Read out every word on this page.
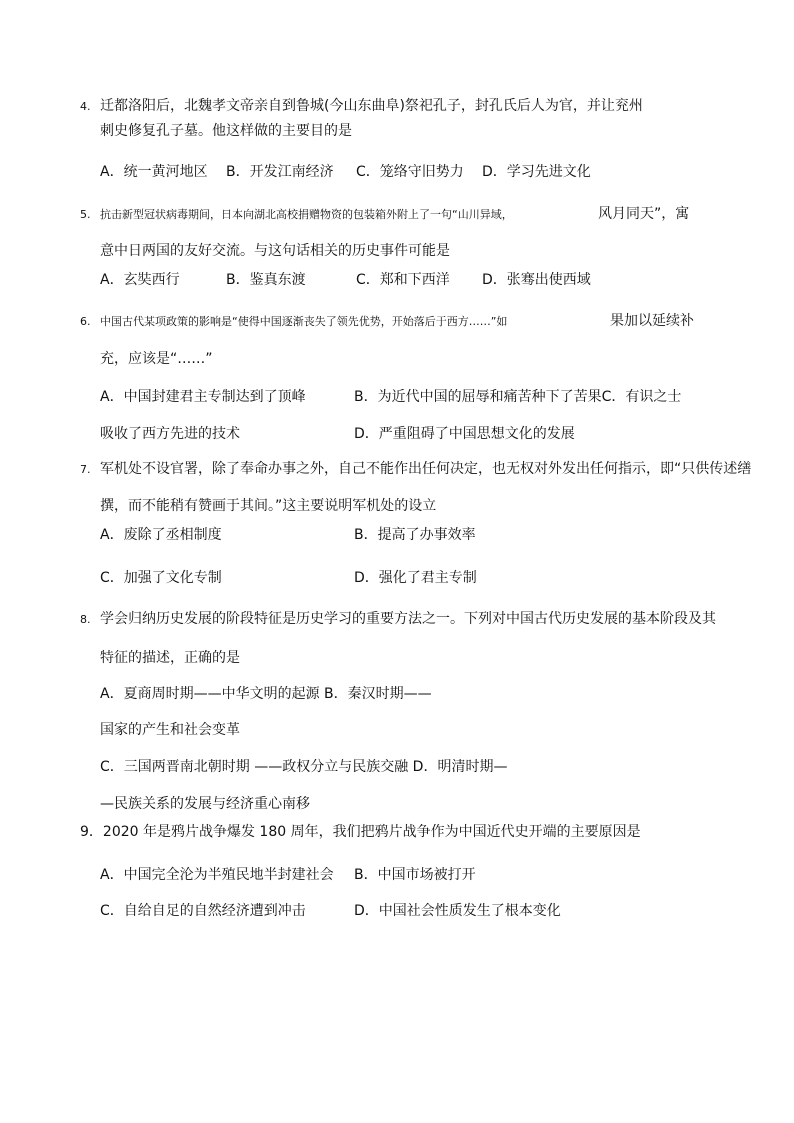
4. 迁都洛阳后，北魏孝文帝亲自到鲁城(今山东曲阜)祭祀孔子，封孔氏后人为官，并让兖州
刺史修复孔子墓。他这样做的主要目的是
A．统一黄河地区 B．开发江南经济 C．笼络守旧势力 D．学习先进文化
5. 抗击新型冠状病毒期间，日本向湖北高校捐赠物资的包装箱外附上了一句“山川异域，	风月同天”，寓
意中日两国的友好交流。与这句话相关的历史事件可能是
A．玄奘西行	B．鉴真东渡	C．郑和下西洋 D．张骞出使西域
6. 中国古代某项政策的影响是“使得中国逐渐丧失了领先优势，开始落后于西方……”如	果加以延续补
充，应该是“……”
A．中国封建君主专制达到了顶峰	B．为近代中国的屈辱和痛苦种下了苦果C．有识之士
吸收了西方先进的技术	D．严重阻碍了中国思想文化的发展
7. 军机处不设官署，除了奉命办事之外，自己不能作出任何决定，也无权对外发出任何指示，即“只供传述缮
撰，而不能稍有赞画于其间。”这主要说明军机处的设立
A．废除了丞相制度	B．提高了办事效率
C．加强了文化专制	D．强化了君主专制
8. 学会归纳历史发展的阶段特征是历史学习的重要方法之一。下列对中国古代历史发展的基本阶段及其
特征的描述，正确的是
A．夏商周时期——中华文明的起源 B．秦汉时期——
国家的产生和社会变革
C．三国两晋南北朝时期 ——政权分立与民族交融 D．明清时期—
—民族关系的发展与经济重心南移
9．2020 年是鸦片战争爆发 180 周年，我们把鸦片战争作为中国近代史开端的主要原因是
A．中国完全沦为半殖民地半封建社会 B．中国市场被打开
C．自给自足的自然经济遭到冲击	D．中国社会性质发生了根本变化
